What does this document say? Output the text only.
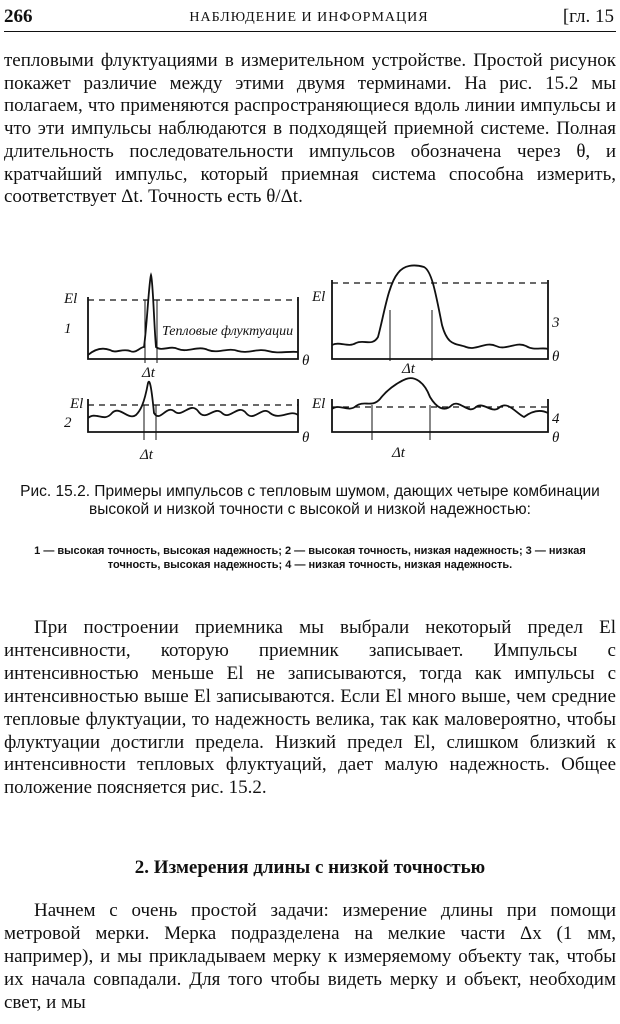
266	НАБЛЮДЕНИЕ И ИНФОРМАЦИЯ	[гл. 15

тепловыми флуктуациями в измерительном устройстве. Простой рисунок покажет различие между этими двумя терминами. На рис. 15.2 мы полагаем, что применяются распространяющиеся вдоль линии импульсы и что эти импульсы наблюдаются в подходящей приемной системе. Полная длительность последовательности импульсов обозначена через θ, и кратчайший импульс, который приемная система способна измерить, соответствует Δt. Точность есть θ/Δt.

El
1	Тепловые флуктуации
Δt
θ
El
3
Δt
θ
El
2
Δt
θ
El
4
Δt
θ

Рис. 15.2. Примеры импульсов с тепловым шумом, дающих четыре комбинации высокой и низкой точности с высокой и низкой надежностью:

1 — высокая точность, высокая надежность; 2 — высокая точность, низкая надежность; 3 — низкая точность, высокая надежность; 4 — низкая точность, низкая надежность.

При построении приемника мы выбрали некоторый предел El интенсивности, которую приемник записывает. Импульсы с интенсивностью меньше El не записываются, тогда как импульсы с интенсивностью выше El записываются. Если El много выше, чем средние тепловые флуктуации, то надежность велика, так как маловероятно, чтобы флуктуации достигли предела. Низкий предел El, слишком близкий к интенсивности тепловых флуктуаций, дает малую надежность. Общее положение поясняется рис. 15.2.

2. Измерения длины с низкой точностью

Начнем с очень простой задачи: измерение длины при помощи метровой мерки. Мерка подразделена на мелкие части Δx (1 мм, например), и мы прикладываем мерку к измеряемому объекту так, чтобы их начала совпадали. Для того чтобы видеть мерку и объект, необходим свет, и мы
